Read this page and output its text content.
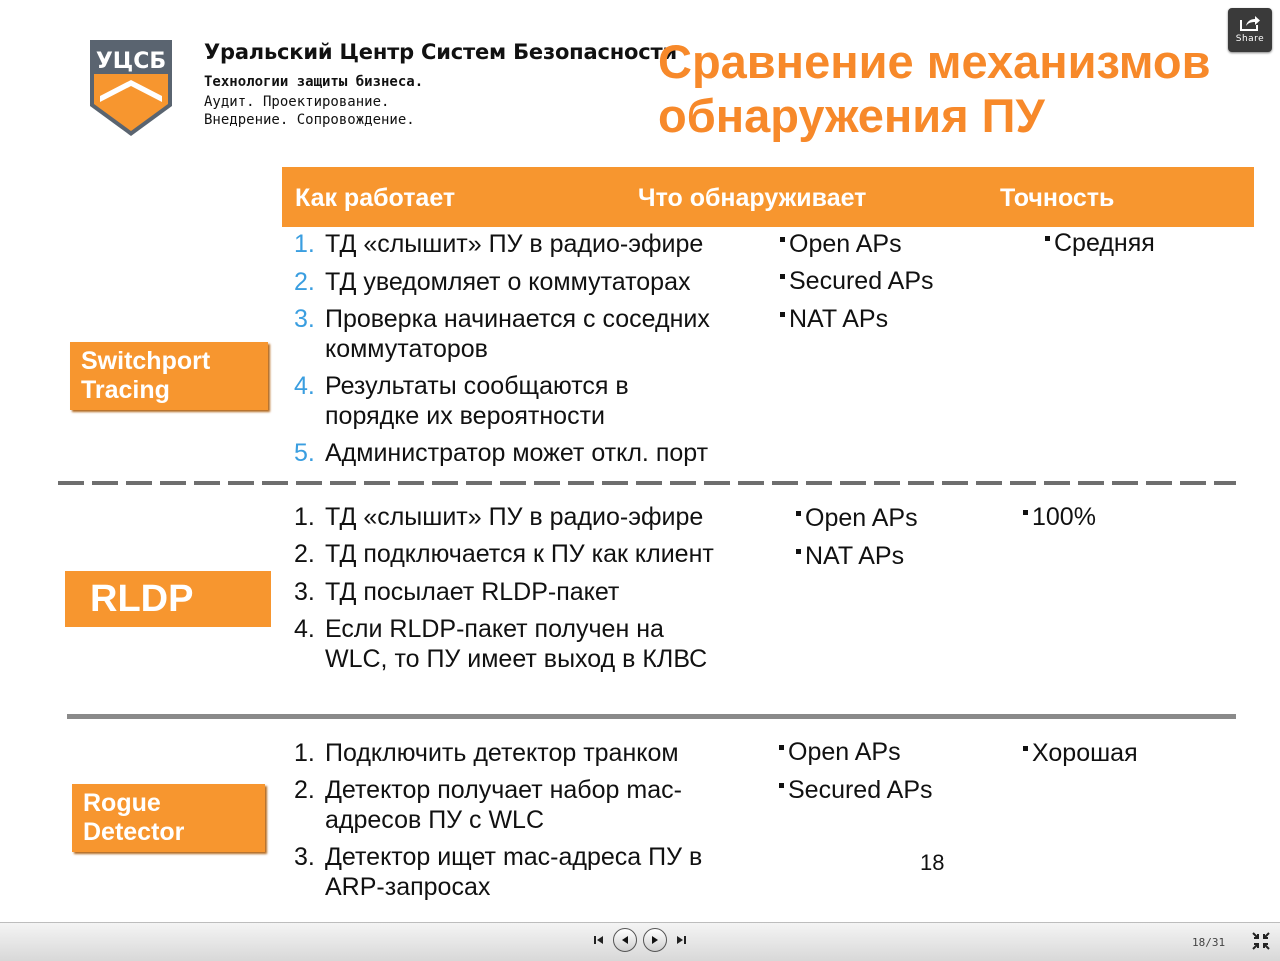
УЦСБ Уральский Центр Систем Безопасности
Технологии защиты бизнеса.
Аудит. Проектирование.
Внедрение. Сопровождение.
Сравнение механизмов
обнаружения ПУ
Share
Как работает	Что обнаруживает	Точность
Switchport
Tracing
1. ТД «слышит» ПУ в радио-эфире
2. ТД уведомляет о коммутаторах
3. Проверка начинается с соседних
коммутаторов
4. Результаты сообщаются в
порядке их вероятности
5. Администратор может откл. порт
Open APs
Secured APs
NAT APs
Средняя
RLDP
1. ТД «слышит» ПУ в радио-эфире
2. ТД подключается к ПУ как клиент
3. ТД посылает RLDP-пакет
4. Если RLDP-пакет получен на
WLC, то ПУ имеет выход в КЛВС
Open APs
NAT APs
100%
Rogue
Detector
1. Подключить детектор транком
2. Детектор получает набор mac-
адресов ПУ с WLC
3. Детектор ищет mac-адреса ПУ в
ARP-запросах
Open APs
Secured APs
Хорошая
18
18/31
